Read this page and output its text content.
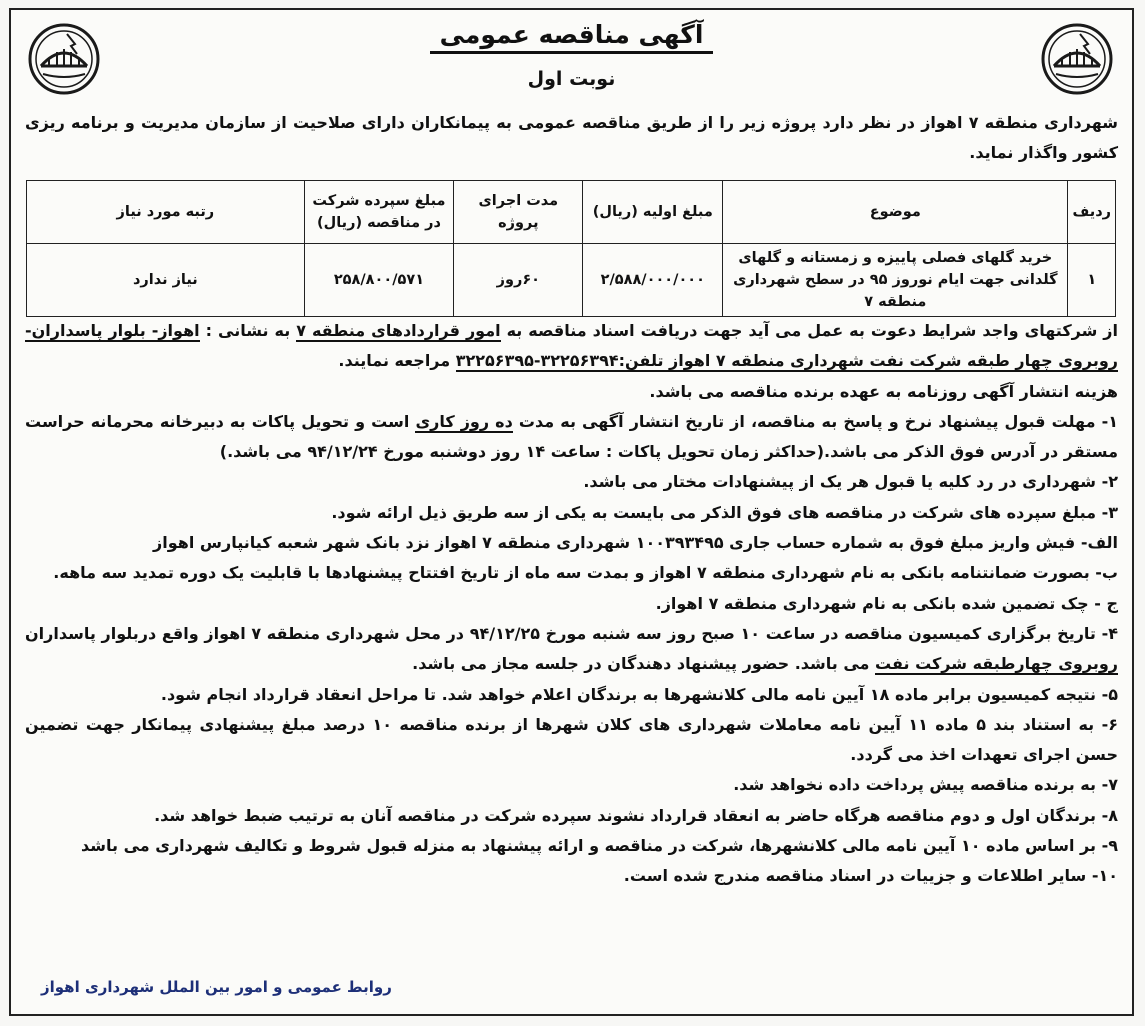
آگهی مناقصه عمومی
نوبت اول
شهرداری منطقه ۷ اهواز در نظر دارد پروژه زیر را از طریق مناقصه عمومی به پیمانکاران دارای صلاحیت از سازمان مدیریت و برنامه ریزی کشور واگذار نماید.
ردیف	موضوع	مبلغ اولیه (ریال)	مدت اجرای پروژه	مبلغ سپرده شرکت در مناقصه (ریال)	رتبه مورد نیاز
۱	خرید گلهای فصلی پاییزه و زمستانه و گلهای گلدانی جهت ایام نوروز ۹۵ در سطح شهرداری منطقه ۷	۲/۵۸۸/۰۰۰/۰۰۰	۶۰روز	۲۵۸/۸۰۰/۵۷۱	نیاز ندارد

از شرکتهای واجد شرایط دعوت به عمل می آید جهت دریافت اسناد مناقصه به امور قراردادهای منطقه ۷ به نشانی : اهواز- بلوار پاسداران- روبروی چهار طبقه شرکت نفت شهرداری منطقه ۷ اهواز تلفن:۳۲۲۵۶۳۹۴-۳۲۲۵۶۳۹۵ مراجعه نمایند.

هزینه انتشار آگهی روزنامه به عهده برنده مناقصه می باشد.

۱- مهلت قبول پیشنهاد نرخ و پاسخ به مناقصه، از تاریخ انتشار آگهی به مدت ده روز کاری است و تحویل پاکات به دبیرخانه محرمانه حراست مستقر در آدرس فوق الذکر می باشد.(حداکثر زمان تحویل پاکات : ساعت ۱۴ روز دوشنبه مورخ ۹۴/۱۲/۲۴ می باشد.)

۲- شهرداری در رد کلیه یا قبول هر یک از پیشنهادات مختار می باشد.

۳- مبلغ سپرده های شرکت در مناقصه های فوق الذکر می بایست به یکی از سه طریق ذیل ارائه شود.

الف- فیش واریز مبلغ فوق به شماره حساب جاری ۱۰۰۳۹۳۴۹۵ شهرداری منطقه ۷ اهواز نزد بانک شهر شعبه کیانپارس اهواز

ب- بصورت ضمانتنامه بانکی به نام شهرداری منطقه ۷ اهواز و بمدت سه ماه از تاریخ افتتاح پیشنهادها با قابلیت یک دوره تمدید سه ماهه.

ج - چک تضمین شده بانکی به نام شهرداری منطقه ۷ اهواز.

۴- تاریخ برگزاری کمیسیون مناقصه در ساعت ۱۰ صبح روز سه شنبه مورخ ۹۴/۱۲/۲۵ در محل شهرداری منطقه ۷ اهواز واقع دربلوار پاسداران روبروی چهارطبقه شرکت نفت می باشد. حضور پیشنهاد دهندگان در جلسه مجاز می باشد.

۵- نتیجه کمیسیون برابر ماده ۱۸ آیین نامه مالی کلانشهرها به برندگان اعلام خواهد شد. تا مراحل انعقاد قرارداد انجام شود.

۶- به استناد بند ۵ ماده ۱۱ آیین نامه معاملات شهرداری های کلان شهرها از برنده مناقصه ۱۰ درصد مبلغ پیشنهادی پیمانکار جهت تضمین حسن اجرای تعهدات اخذ می گردد.

۷- به برنده مناقصه پیش پرداخت داده نخواهد شد.

۸- برندگان اول و دوم مناقصه هرگاه حاضر به انعقاد قرارداد نشوند سپرده شرکت در مناقصه آنان به ترتیب ضبط خواهد شد.

۹- بر اساس ماده ۱۰ آیین نامه مالی کلانشهرها، شرکت در مناقصه و ارائه پیشنهاد به منزله قبول شروط و تکالیف شهرداری می باشد

۱۰- سایر اطلاعات و جزییات در اسناد مناقصه مندرج شده است.

روابط عمومی و امور بین الملل شهرداری اهواز
